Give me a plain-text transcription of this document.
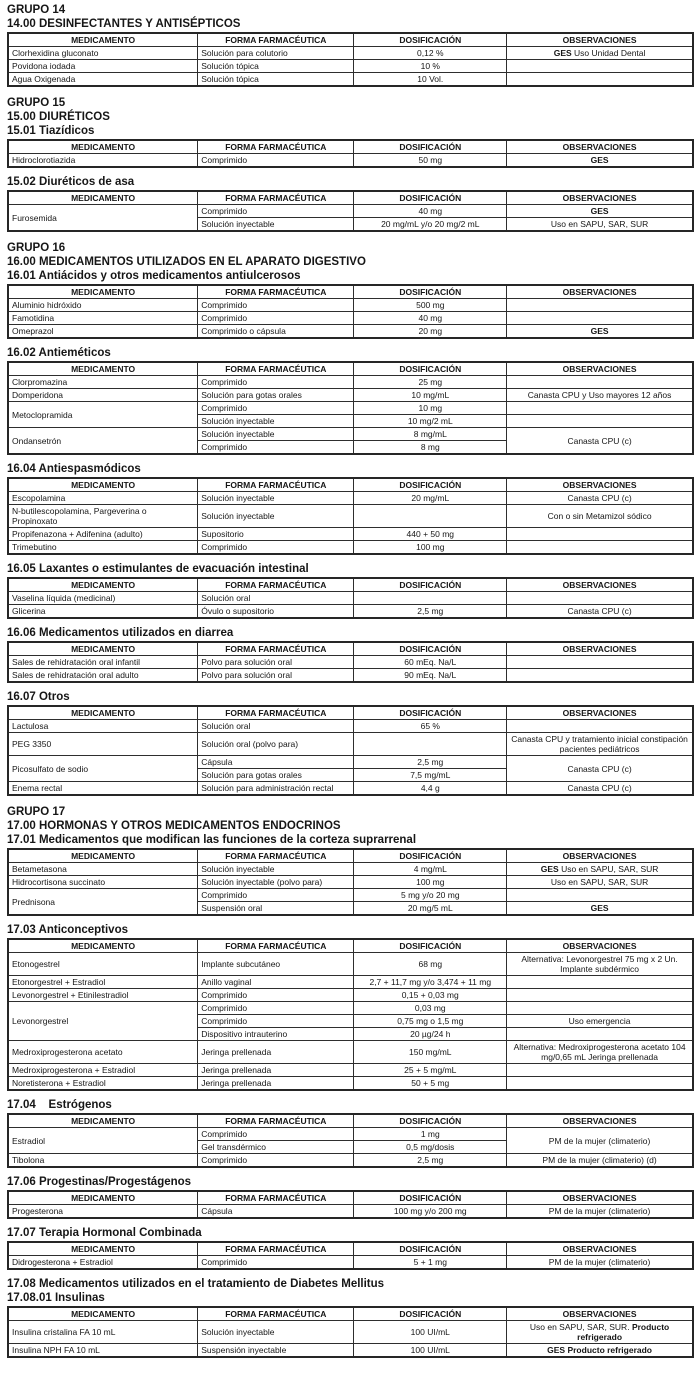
GRUPO 14
14.00 DESINFECTANTES Y ANTISÉPTICOS
MEDICAMENTO	FORMA FARMACÉUTICA	DOSIFICACIÓN	OBSERVACIONES
Clorhexidina gluconato	Solución para colutorio	0,12 %	GES Uso Unidad Dental
Povidona iodada	Solución tópica	10 %	
Agua Oxigenada	Solución tópica	10 Vol.	
GRUPO 15
15.00 DIURÉTICOS
15.01 Tiazídicos
MEDICAMENTO	FORMA FARMACÉUTICA	DOSIFICACIÓN	OBSERVACIONES
Hidroclorotiazida	Comprimido	50 mg	GES
15.02 Diuréticos de asa
MEDICAMENTO	FORMA FARMACÉUTICA	DOSIFICACIÓN	OBSERVACIONES
Furosemida	Comprimido	40 mg	GES
	Solución inyectable	20 mg/mL y/o 20 mg/2 mL	Uso en SAPU, SAR, SUR
GRUPO 16
16.00 MEDICAMENTOS UTILIZADOS EN EL APARATO DIGESTIVO
16.01 Antiácidos y otros medicamentos antiulcerosos
MEDICAMENTO	FORMA FARMACÉUTICA	DOSIFICACIÓN	OBSERVACIONES
Aluminio hidróxido	Comprimido	500 mg	
Famotidina	Comprimido	40 mg	
Omeprazol	Comprimido o cápsula	20 mg	GES
16.02 Antieméticos
MEDICAMENTO	FORMA FARMACÉUTICA	DOSIFICACIÓN	OBSERVACIONES
Clorpromazina	Comprimido	25 mg	
Domperidona	Solución para gotas orales	10 mg/mL	Canasta CPU y Uso mayores 12 años
Metoclopramida	Comprimido	10 mg	
	Solución inyectable	10 mg/2 mL	
Ondansetrón	Solución inyectable	8 mg/mL	Canasta CPU (c)
	Comprimido	8 mg	
16.04 Antiespasmódicos
MEDICAMENTO	FORMA FARMACÉUTICA	DOSIFICACIÓN	OBSERVACIONES
Escopolamina	Solución inyectable	20 mg/mL	Canasta CPU (c)
N-butilescopolamina, Pargeverina o Propinoxato	Solución inyectable		Con o sin Metamizol sódico
Propifenazona + Adifenina (adulto)	Supositorio	440 + 50 mg	
Trimebutino	Comprimido	100 mg	
16.05 Laxantes o estimulantes de evacuación intestinal
MEDICAMENTO	FORMA FARMACÉUTICA	DOSIFICACIÓN	OBSERVACIONES
Vaselina líquida (medicinal)	Solución oral		
Glicerina	Óvulo o supositorio	2,5 mg	Canasta CPU (c)
16.06 Medicamentos utilizados en diarrea
MEDICAMENTO	FORMA FARMACÉUTICA	DOSIFICACIÓN	OBSERVACIONES
Sales de rehidratación oral infantil	Polvo para solución oral	60 mEq. Na/L	
Sales de rehidratación oral adulto	Polvo para solución oral	90 mEq. Na/L	
16.07 Otros
MEDICAMENTO	FORMA FARMACÉUTICA	DOSIFICACIÓN	OBSERVACIONES
Lactulosa	Solución oral	65 %	
PEG 3350	Solución oral (polvo para)		Canasta CPU y tratamiento inicial constipación pacientes pediátricos
Picosulfato de sodio	Cápsula	2,5 mg	Canasta CPU (c)
	Solución para gotas orales	7,5 mg/mL	
Enema rectal	Solución para administración rectal	4,4 g	Canasta CPU (c)
GRUPO 17
17.00 HORMONAS Y OTROS MEDICAMENTOS ENDOCRINOS
17.01 Medicamentos que modifican las funciones de la corteza suprarrenal
MEDICAMENTO	FORMA FARMACÉUTICA	DOSIFICACIÓN	OBSERVACIONES
Betametasona	Solución inyectable	4 mg/mL	GES Uso en SAPU, SAR, SUR
Hidrocortisona succinato	Solución inyectable (polvo para)	100 mg	Uso en SAPU, SAR, SUR
Prednisona	Comprimido	5 mg y/o 20 mg	
	Suspensión oral	20 mg/5 mL	GES
17.03 Anticonceptivos
MEDICAMENTO	FORMA FARMACÉUTICA	DOSIFICACIÓN	OBSERVACIONES
Etonogestrel	Implante subcutáneo	68 mg	Alternativa: Levonorgestrel 75 mg x 2 Un. Implante subdérmico
Etonorgestrel + Estradiol	Anillo vaginal	2,7 + 11,7 mg y/o 3,474 + 11 mg	
Levonorgestrel + Etinilestradiol	Comprimido	0,15 + 0,03 mg	
Levonorgestrel	Comprimido	0,03 mg	
	Comprimido	0,75 mg o 1,5 mg	Uso emergencia
	Dispositivo intrauterino	20 µg/24 h	
Medroxiprogesterona acetato	Jeringa prellenada	150 mg/mL	Alternativa: Medroxiprogesterona acetato 104 mg/0,65 mL Jeringa prellenada
Medroxiprogesterona + Estradiol	Jeringa prellenada	25 + 5 mg/mL	
Noretisterona + Estradiol	Jeringa prellenada	50 + 5 mg	
17.04    Estrógenos
MEDICAMENTO	FORMA FARMACÉUTICA	DOSIFICACIÓN	OBSERVACIONES
Estradiol	Comprimido	1 mg	PM de la mujer (climaterio)
	Gel transdérmico	0,5 mg/dosis	
Tibolona	Comprimido	2,5 mg	PM de la mujer (climaterio) (d)
17.06 Progestinas/Progestágenos
MEDICAMENTO	FORMA FARMACÉUTICA	DOSIFICACIÓN	OBSERVACIONES
Progesterona	Cápsula	100 mg y/o 200 mg	PM de la mujer (climaterio)
17.07 Terapia Hormonal Combinada
MEDICAMENTO	FORMA FARMACÉUTICA	DOSIFICACIÓN	OBSERVACIONES
Didrogesterona + Estradiol	Comprimido	5 + 1 mg	PM de la mujer (climaterio)
17.08 Medicamentos utilizados en el tratamiento de Diabetes Mellitus
17.08.01 Insulinas
MEDICAMENTO	FORMA FARMACÉUTICA	DOSIFICACIÓN	OBSERVACIONES
Insulina cristalina FA 10 mL	Solución inyectable	100 UI/mL	Uso en SAPU, SAR, SUR. Producto refrigerado
Insulina NPH FA 10 mL	Suspensión inyectable	100 UI/mL	GES Producto refrigerado
